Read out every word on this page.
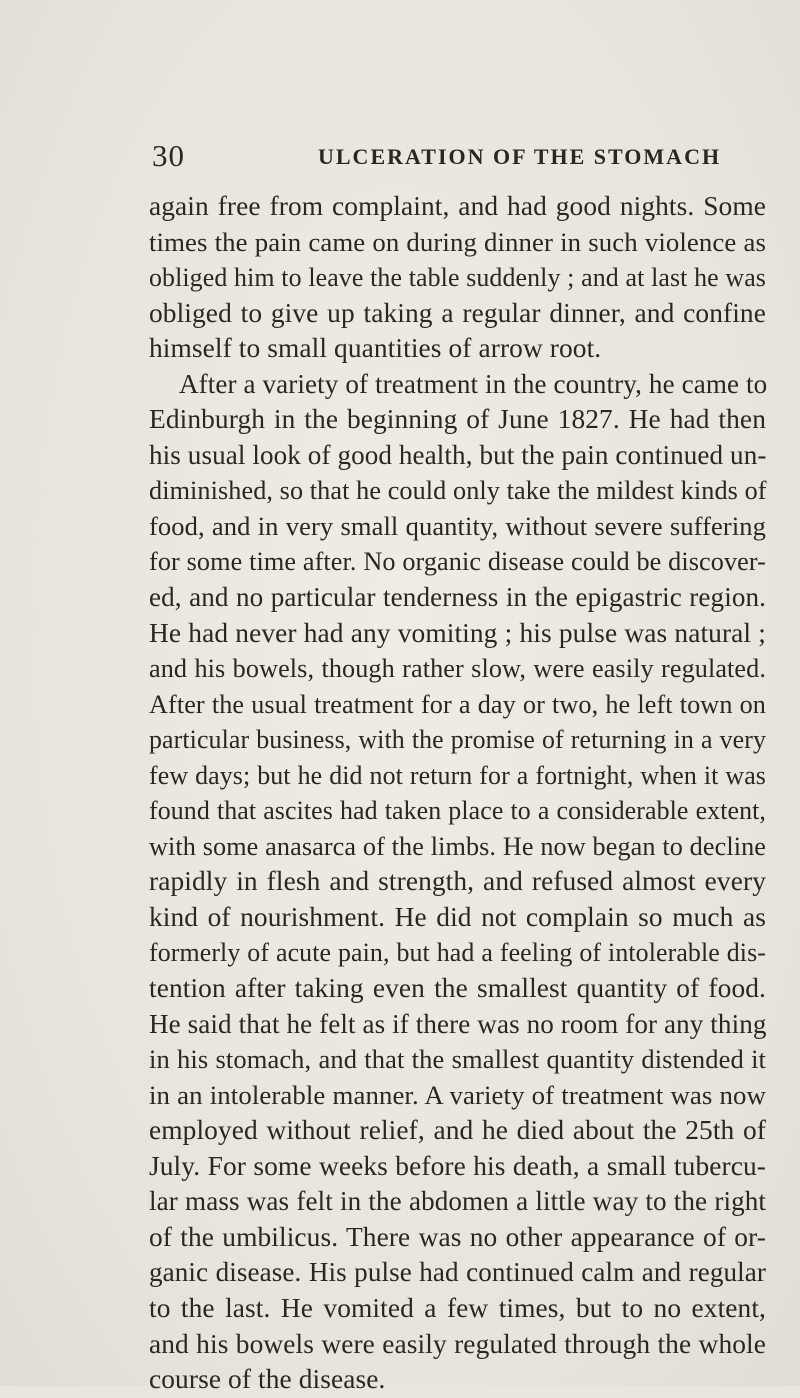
30	ULCERATION OF THE STOMACH
again free from complaint, and had good nights. Some
times the pain came on during dinner in such violence as
obliged him to leave the table suddenly ; and at last he was
obliged to give up taking a regular dinner, and confine
himself to small quantities of arrow root.
After a variety of treatment in the country, he came to
Edinburgh in the beginning of June 1827. He had then
his usual look of good health, but the pain continued un-
diminished, so that he could only take the mildest kinds of
food, and in very small quantity, without severe suffering
for some time after. No organic disease could be discover-
ed, and no particular tenderness in the epigastric region.
He had never had any vomiting ; his pulse was natural ;
and his bowels, though rather slow, were easily regulated.
After the usual treatment for a day or two, he left town on
particular business, with the promise of returning in a very
few days; but he did not return for a fortnight, when it was
found that ascites had taken place to a considerable extent,
with some anasarca of the limbs. He now began to decline
rapidly in flesh and strength, and refused almost every
kind of nourishment. He did not complain so much as
formerly of acute pain, but had a feeling of intolerable dis-
tention after taking even the smallest quantity of food.
He said that he felt as if there was no room for any thing
in his stomach, and that the smallest quantity distended it
in an intolerable manner. A variety of treatment was now
employed without relief, and he died about the 25th of
July. For some weeks before his death, a small tubercu-
lar mass was felt in the abdomen a little way to the right
of the umbilicus. There was no other appearance of or-
ganic disease. His pulse had continued calm and regular
to the last. He vomited a few times, but to no extent,
and his bowels were easily regulated through the whole
course of the disease.
